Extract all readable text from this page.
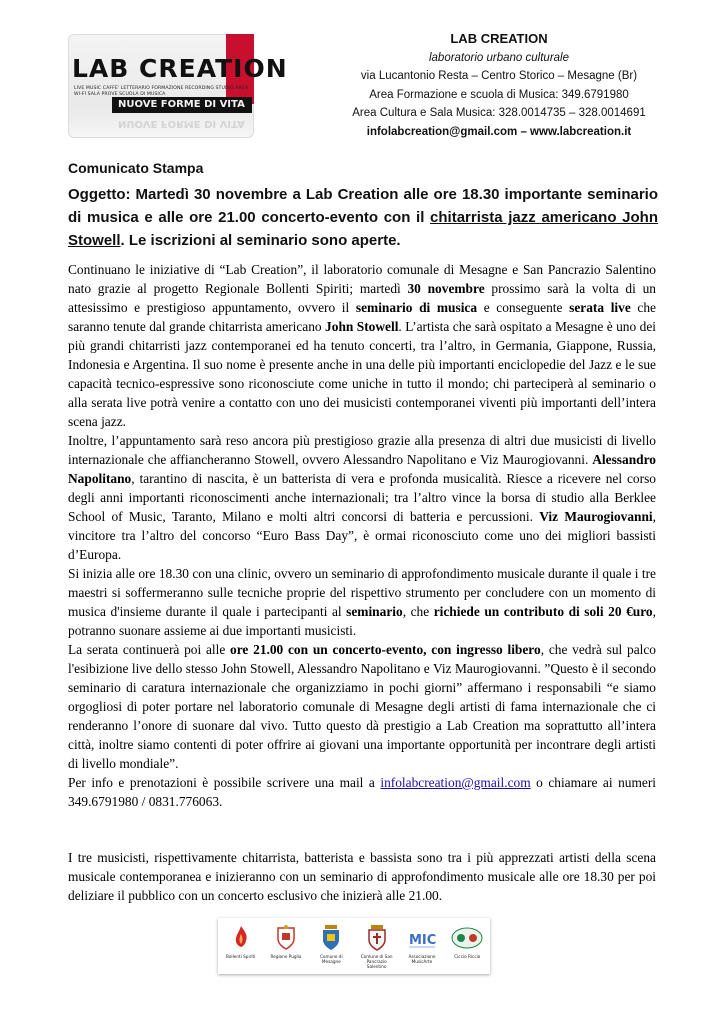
LAB CREATION
LIVE MUSIC CAFFE' LETTERARIO FORMAZIONE RECORDING STUDIO AREA WI-FI SALA PROVE SCUOLA DI MUSICA
NUOVE FORME DI VITA
NUOVE FORME DI VITA
LAB CREATION
laboratorio urbano culturale
via Lucantonio Resta – Centro Storico – Mesagne (Br)
Area Formazione e scuola di Musica: 349.6791980
Area Cultura e Sala Musica: 328.0014735 – 328.0014691
infolabcreation@gmail.com – www.labcreation.it
Comunicato Stampa
Oggetto: Martedì 30 novembre a Lab Creation alle ore 18.30 importante seminario di musica e alle ore 21.00 concerto-evento con il chitarrista jazz americano John Stowell. Le iscrizioni al seminario sono aperte.

Continuano le iniziative di “Lab Creation”, il laboratorio comunale di Mesagne e San Pancrazio Salentino nato grazie al progetto Regionale Bollenti Spiriti; martedì 30 novembre prossimo sarà la volta di un attesissimo e prestigioso appuntamento, ovvero il seminario di musica e conseguente serata live che saranno tenute dal grande chitarrista americano John Stowell. L’artista che sarà ospitato a Mesagne è uno dei più grandi chitarristi jazz contemporanei ed ha tenuto concerti, tra l’altro, in Germania, Giappone, Russia, Indonesia e Argentina. Il suo nome è presente anche in una delle più importanti enciclopedie del Jazz e le sue capacità tecnico-espressive sono riconosciute come uniche in tutto il mondo; chi parteciperà al seminario o alla serata live potrà venire a contatto con uno dei musicisti contemporanei viventi più importanti dell’intera scena jazz.

Inoltre, l’appuntamento sarà reso ancora più prestigioso grazie alla presenza di altri due musicisti di livello internazionale che affiancheranno Stowell, ovvero Alessandro Napolitano e Viz Maurogiovanni. Alessandro Napolitano, tarantino di nascita, è un batterista di vera e profonda musicalità. Riesce a ricevere nel corso degli anni importanti riconoscimenti anche internazionali; tra l’altro vince la borsa di studio alla Berklee School of Music, Taranto, Milano e molti altri concorsi di batteria e percussioni. Viz Maurogiovanni, vincitore tra l’altro del concorso “Euro Bass Day”, è ormai riconosciuto come uno dei migliori bassisti d’Europa.

Si inizia alle ore 18.30 con una clinic, ovvero un seminario di approfondimento musicale durante il quale i tre maestri si soffermeranno sulle tecniche proprie del rispettivo strumento per concludere con un momento di musica d'insieme durante il quale i partecipanti al seminario, che richiede un contributo di soli 20 €uro, potranno suonare assieme ai due importanti musicisti.

La serata continuerà poi alle ore 21.00 con un concerto-evento, con ingresso libero, che vedrà sul palco l'esibizione live dello stesso John Stowell, Alessandro Napolitano e Viz Maurogiovanni. ”Questo è il secondo seminario di caratura internazionale che organizziamo in pochi giorni” affermano i responsabili “e siamo orgogliosi di poter portare nel laboratorio comunale di Mesagne degli artisti di fama internazionale che ci renderanno l’onore di suonare dal vivo. Tutto questo dà prestigio a Lab Creation ma soprattutto all’intera città, inoltre siamo contenti di poter offrire ai giovani una importante opportunità per incontrare degli artisti di livello mondiale”.

Per info e prenotazioni è possibile scrivere una mail a infolabcreation@gmail.com o chiamare ai numeri 349.6791980 / 0831.776063.

I tre musicisti, rispettivamente chitarrista, batterista e bassista sono tra i più apprezzati artisti della scena musicale contemporanea e inizieranno con un seminario di approfondimento musicale alle ore 18.30 per poi deliziare il pubblico con un concerto esclusivo che inizierà alle 21.00.

Bollenti Spiriti	Regione Puglia	Comune di Mesagne
Comune di San Pancrazio Salentino
MIC
Associazione MusicArte
Ciccio Riccio
